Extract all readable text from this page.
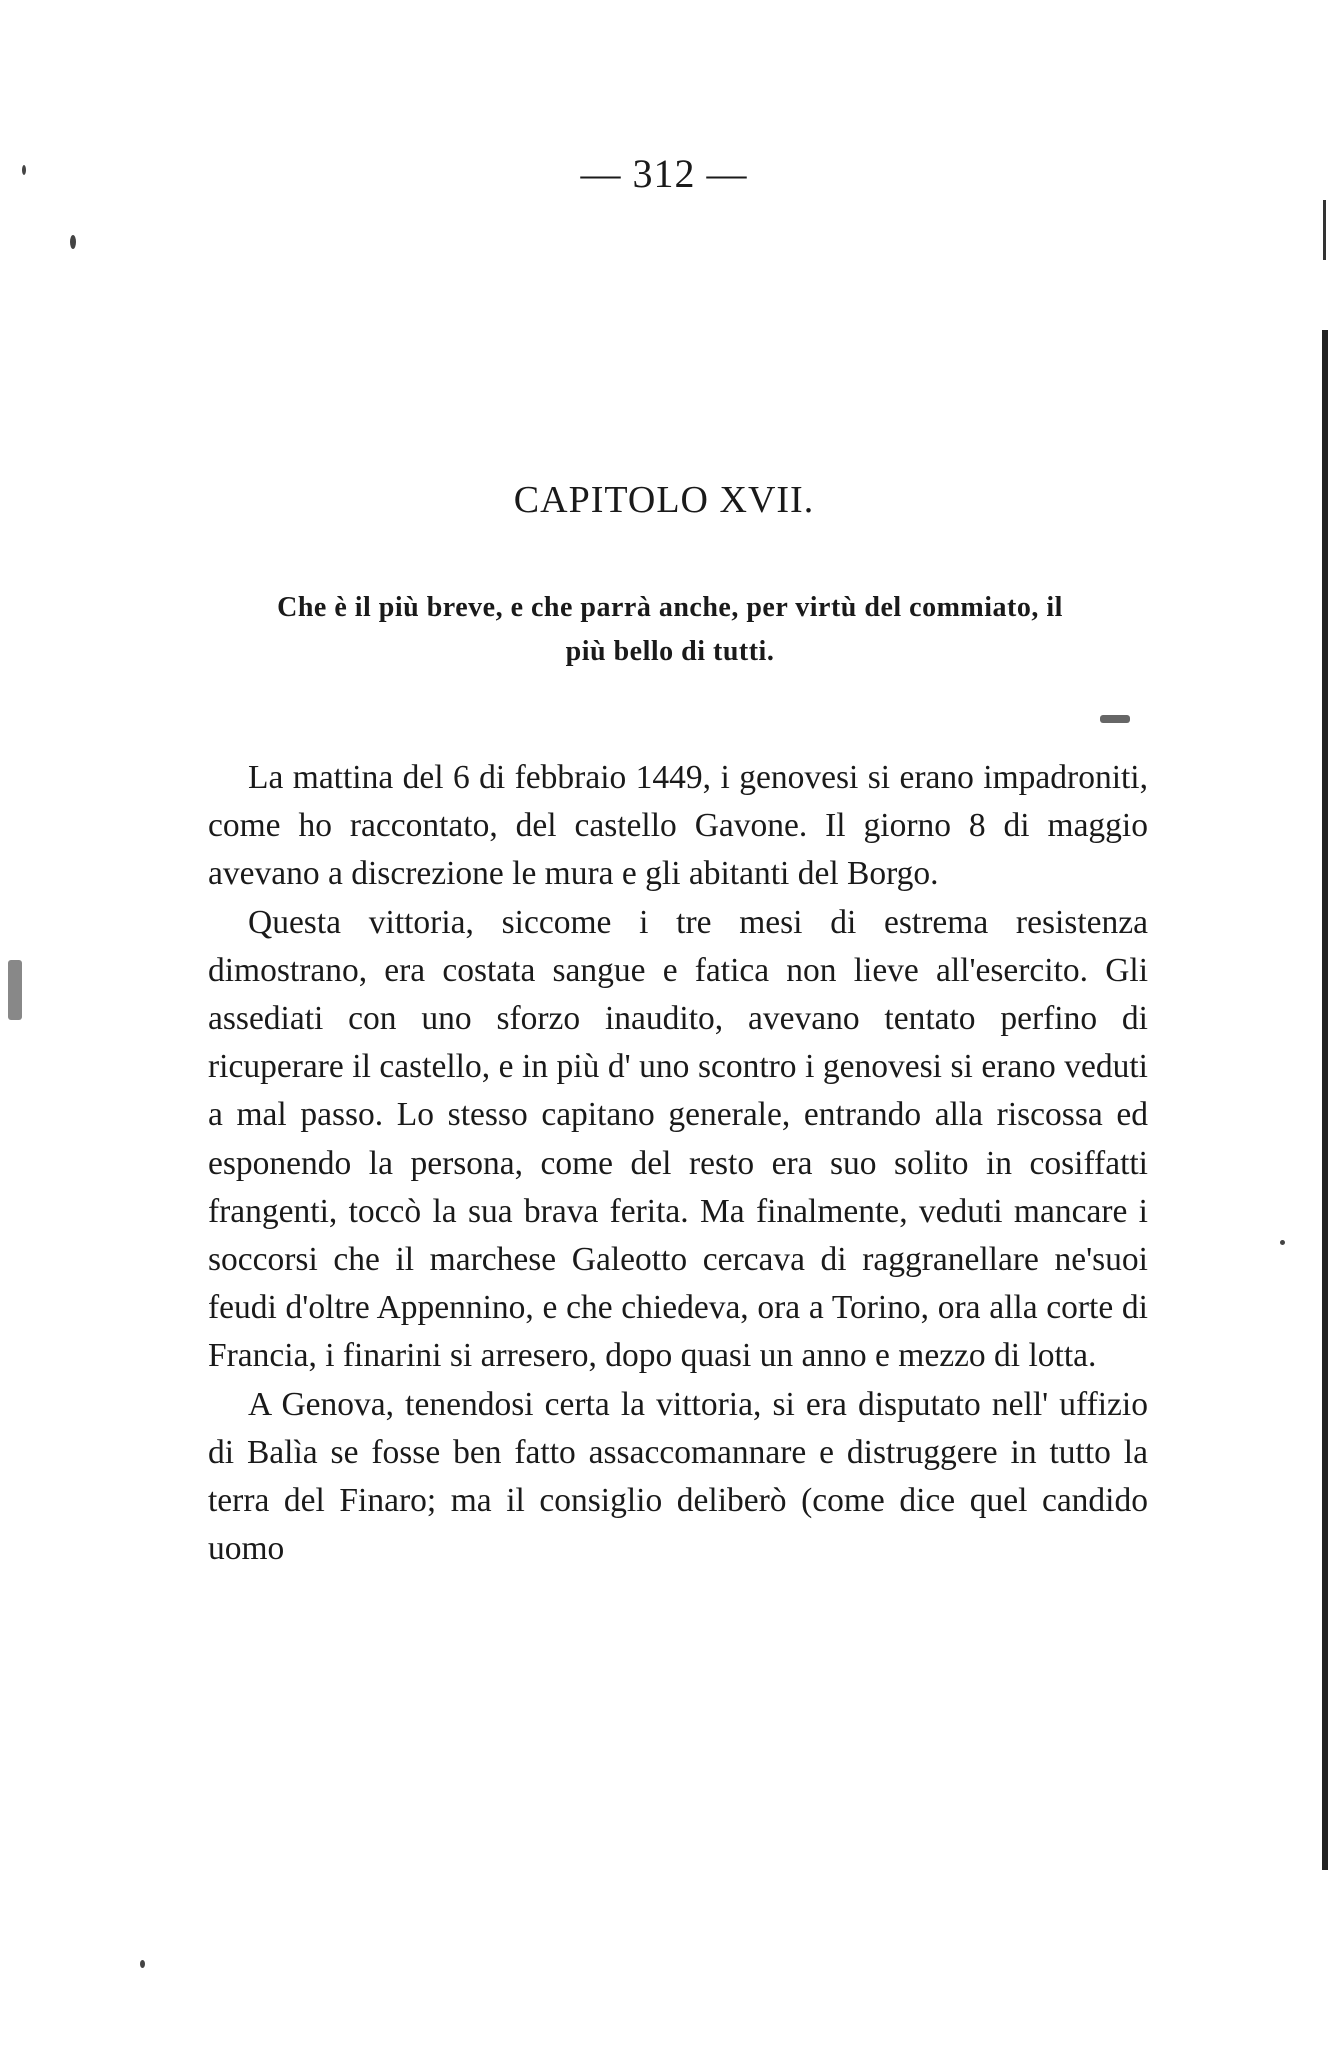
— 312 —
CAPITOLO XVII.
Che è il più breve, e che parrà anche, per virtù del commiato, il più bello di tutti.

La mattina del 6 di febbraio 1449, i genovesi si erano impadroniti, come ho raccontato, del castello Gavone. Il giorno 8 di maggio avevano a discrezione le mura e gli abitanti del Borgo.

Questa vittoria, siccome i tre mesi di estrema resistenza dimostrano, era costata sangue e fatica non lieve all'esercito. Gli assediati con uno sforzo inaudito, avevano tentato perfino di ricuperare il castello, e in più d' uno scontro i genovesi si erano veduti a mal passo. Lo stesso capitano generale, entrando alla riscossa ed esponendo la persona, come del resto era suo solito in cosiffatti frangenti, toccò la sua brava ferita. Ma finalmente, veduti mancare i soccorsi che il marchese Galeotto cercava di raggranellare ne'suoi feudi d'oltre Appennino, e che chiedeva, ora a Torino, ora alla corte di Francia, i finarini si arresero, dopo quasi un anno e mezzo di lotta.

A Genova, tenendosi certa la vittoria, si era disputato nell' uffizio di Balìa se fosse ben fatto assaccomannare e distruggere in tutto la terra del Finaro; ma il consiglio deliberò (come dice quel candido uomo
